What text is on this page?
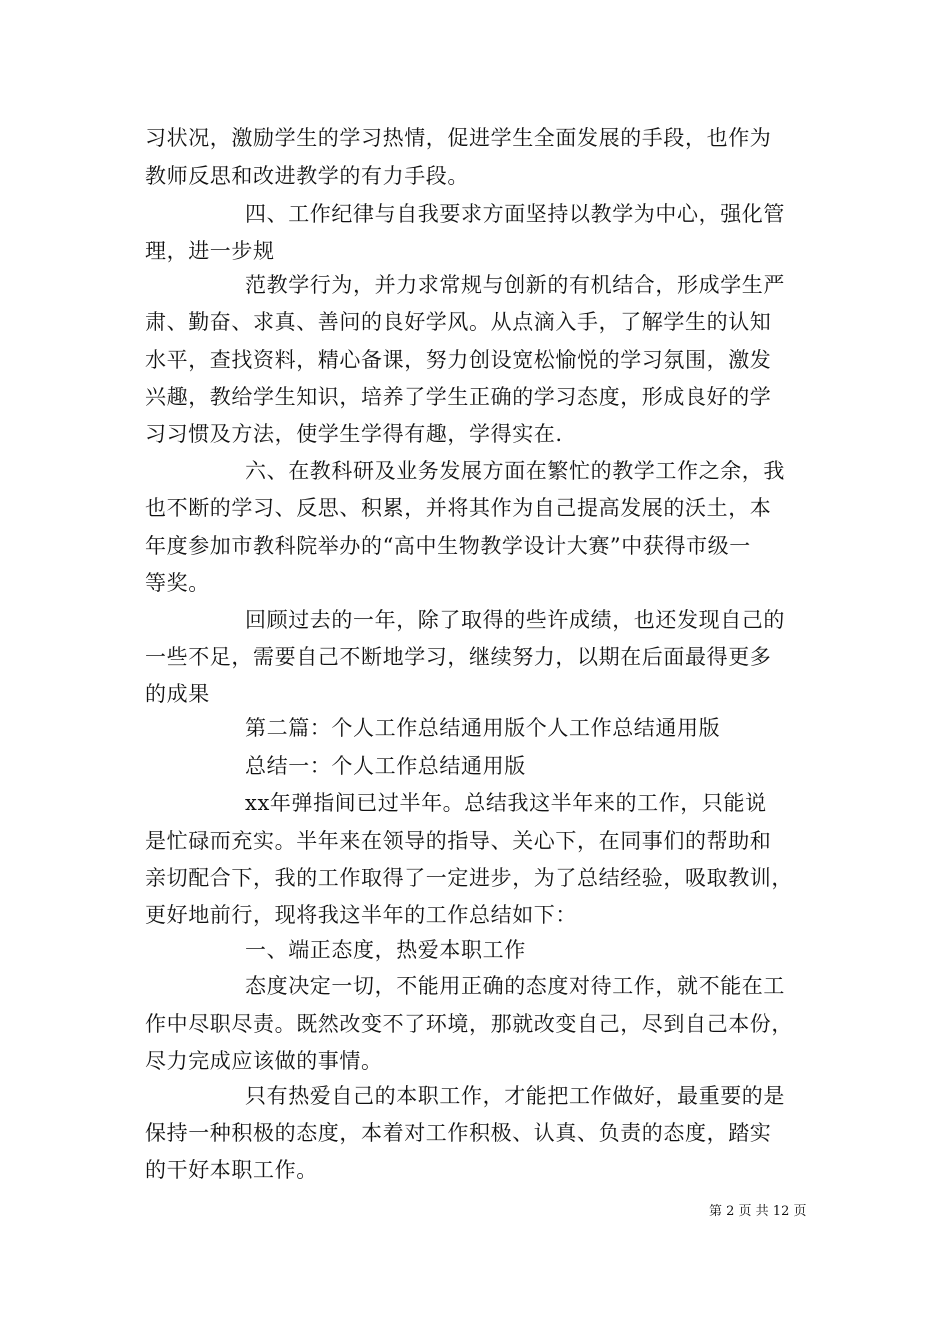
习状况，激励学生的学习热情，促进学生全面发展的手段，也作为
教师反思和改进教学的有力手段。
四、工作纪律与自我要求方面坚持以教学为中心，强化管
理，进一步规
范教学行为，并力求常规与创新的有机结合，形成学生严
肃、勤奋、求真、善问的良好学风。从点滴入手，了解学生的认知
水平，查找资料，精心备课，努力创设宽松愉悦的学习氛围，激发
兴趣，教给学生知识，培养了学生正确的学习态度，形成良好的学
习习惯及方法，使学生学得有趣，学得实在.
六、在教科研及业务发展方面在繁忙的教学工作之余，我
也不断的学习、反思、积累，并将其作为自己提高发展的沃土，本
年度参加市教科院举办的“高中生物教学设计大赛”中获得市级一
等奖。
回顾过去的一年，除了取得的些许成绩，也还发现自己的
一些不足，需要自己不断地学习，继续努力，以期在后面最得更多
的成果
第二篇：个人工作总结通用版个人工作总结通用版
总结一：个人工作总结通用版
xx年弹指间已过半年。总结我这半年来的工作，只能说
是忙碌而充实。半年来在领导的指导、关心下，在同事们的帮助和
亲切配合下，我的工作取得了一定进步，为了总结经验，吸取教训，
更好地前行，现将我这半年的工作总结如下：
一、端正态度，热爱本职工作
态度决定一切，不能用正确的态度对待工作，就不能在工
作中尽职尽责。既然改变不了环境，那就改变自己，尽到自己本份，
尽力完成应该做的事情。
只有热爱自己的本职工作，才能把工作做好，最重要的是
保持一种积极的态度，本着对工作积极、认真、负责的态度，踏实
的干好本职工作。
第 2 页 共 12 页
